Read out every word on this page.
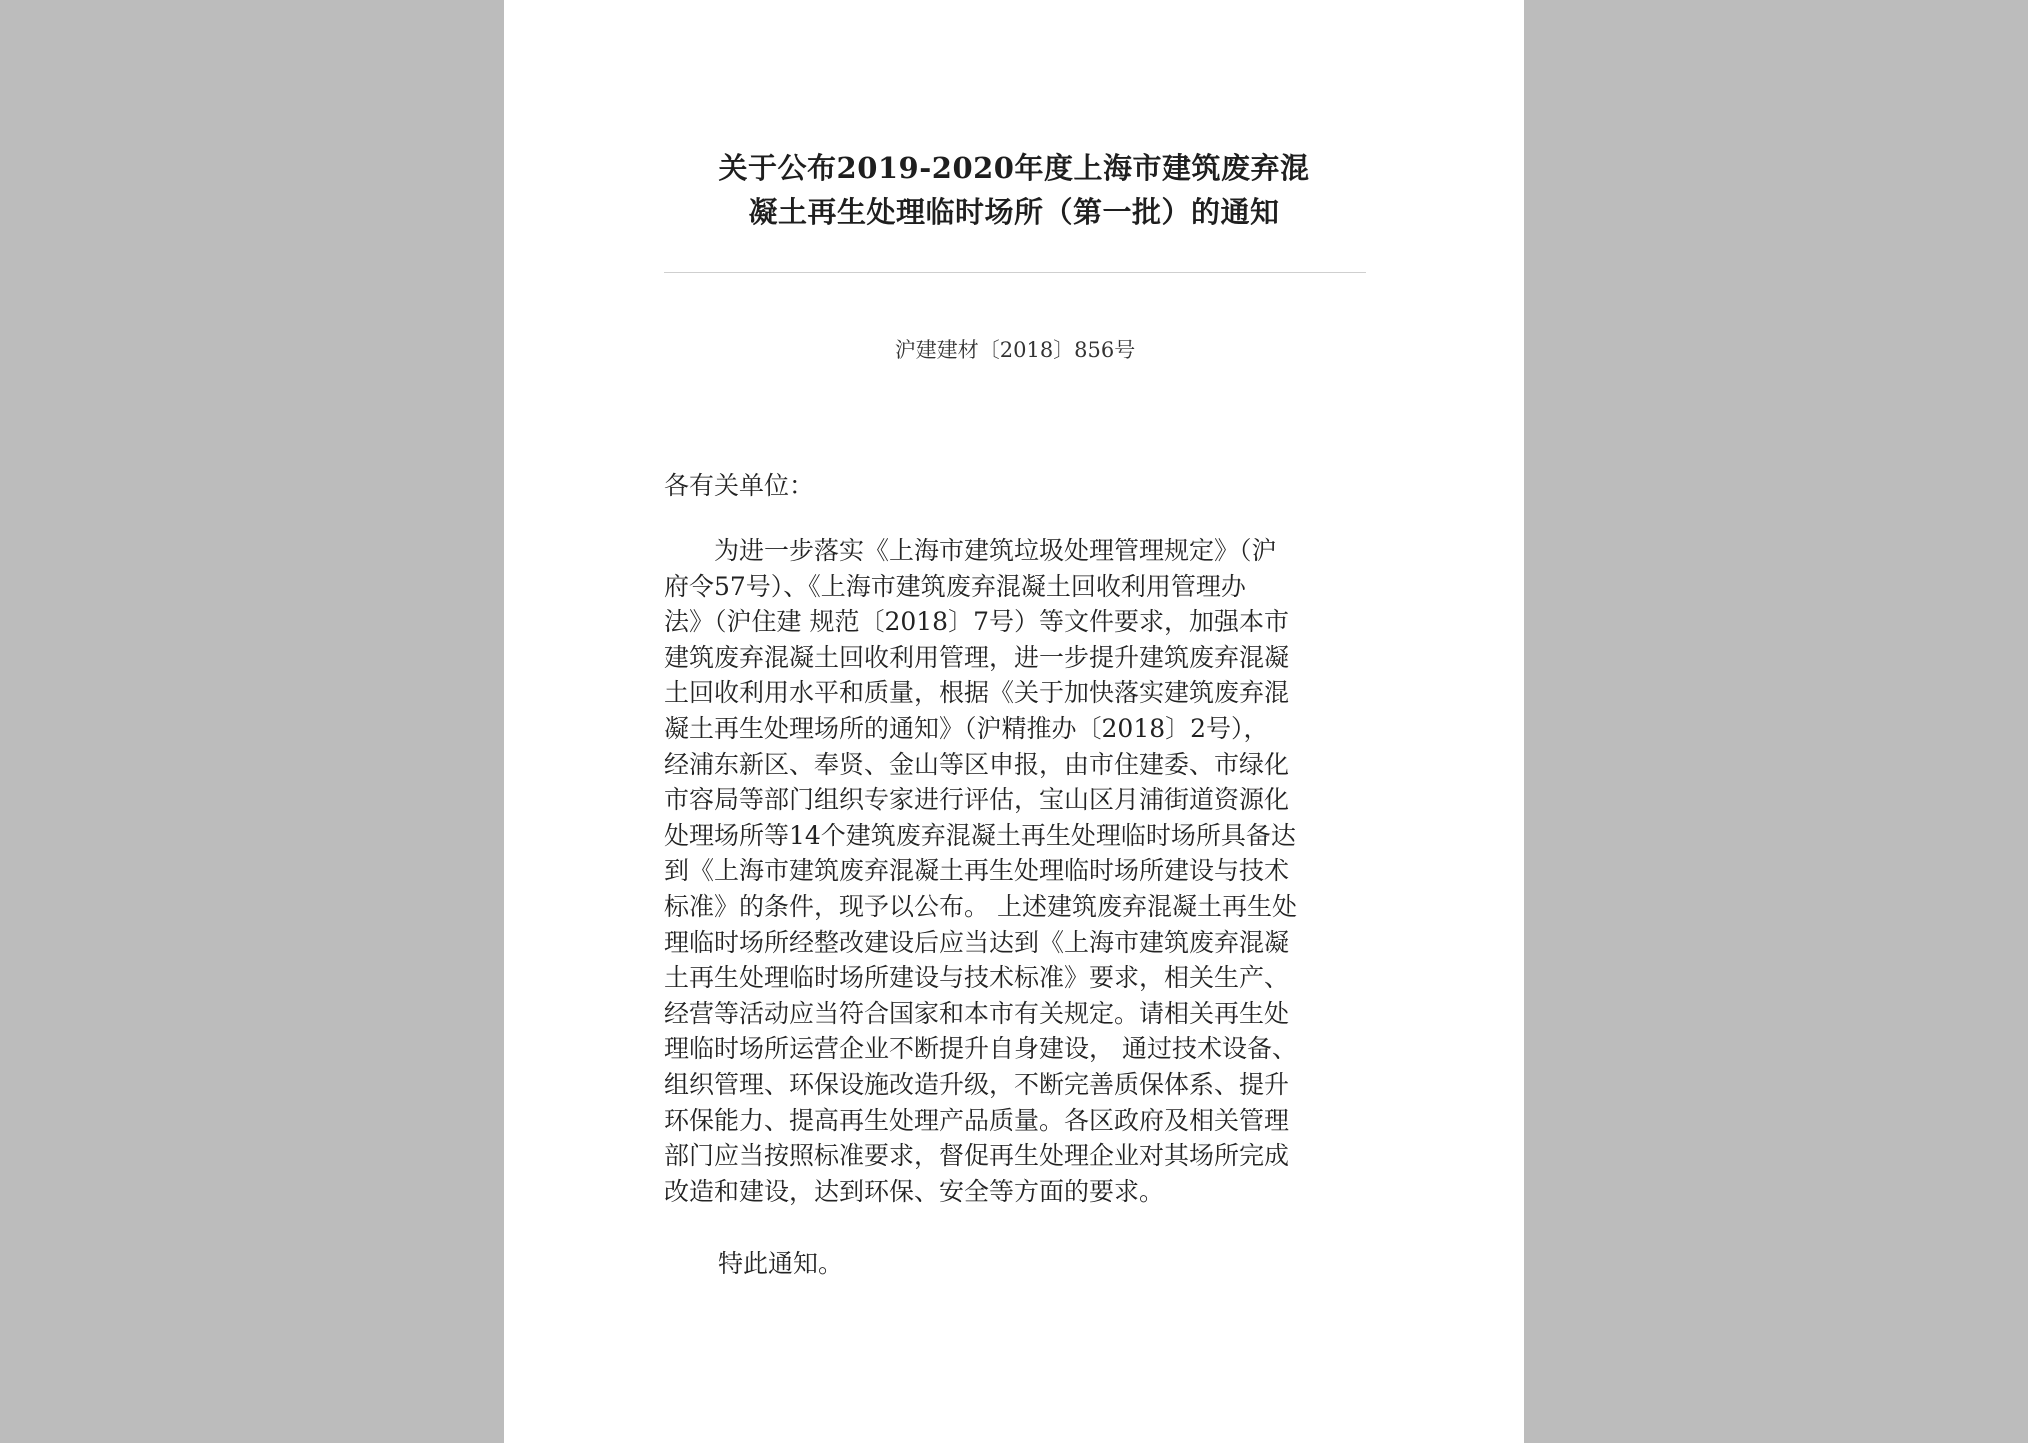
关于公布2019-2020年度上海市建筑废弃混
凝土再生处理临时场所（第一批）的通知
沪建建材〔2018〕856号
各有关单位：
　　为进一步落实《上海市建筑垃圾处理管理规定》（沪
府令57号）、《上海市建筑废弃混凝土回收利用管理办
法》（沪住建 规范〔2018〕7号）等文件要求，加强本市
建筑废弃混凝土回收利用管理，进一步提升建筑废弃混凝
土回收利用水平和质量，根据《关于加快落实建筑废弃混
凝土再生处理场所的通知》（沪精推办〔2018〕2号），
经浦东新区、奉贤、金山等区申报，由市住建委、市绿化
市容局等部门组织专家进行评估，宝山区月浦街道资源化
处理场所等14个建筑废弃混凝土再生处理临时场所具备达
到《上海市建筑废弃混凝土再生处理临时场所建设与技术
标准》的条件，现予以公布。 上述建筑废弃混凝土再生处
理临时场所经整改建设后应当达到《上海市建筑废弃混凝
土再生处理临时场所建设与技术标准》要求，相关生产、
经营等活动应当符合国家和本市有关规定。请相关再生处
理临时场所运营企业不断提升自身建设， 通过技术设备、
组织管理、环保设施改造升级，不断完善质保体系、提升
环保能力、提高再生处理产品质量。各区政府及相关管理
部门应当按照标准要求，督促再生处理企业对其场所完成
改造和建设，达到环保、安全等方面的要求。
特此通知。
